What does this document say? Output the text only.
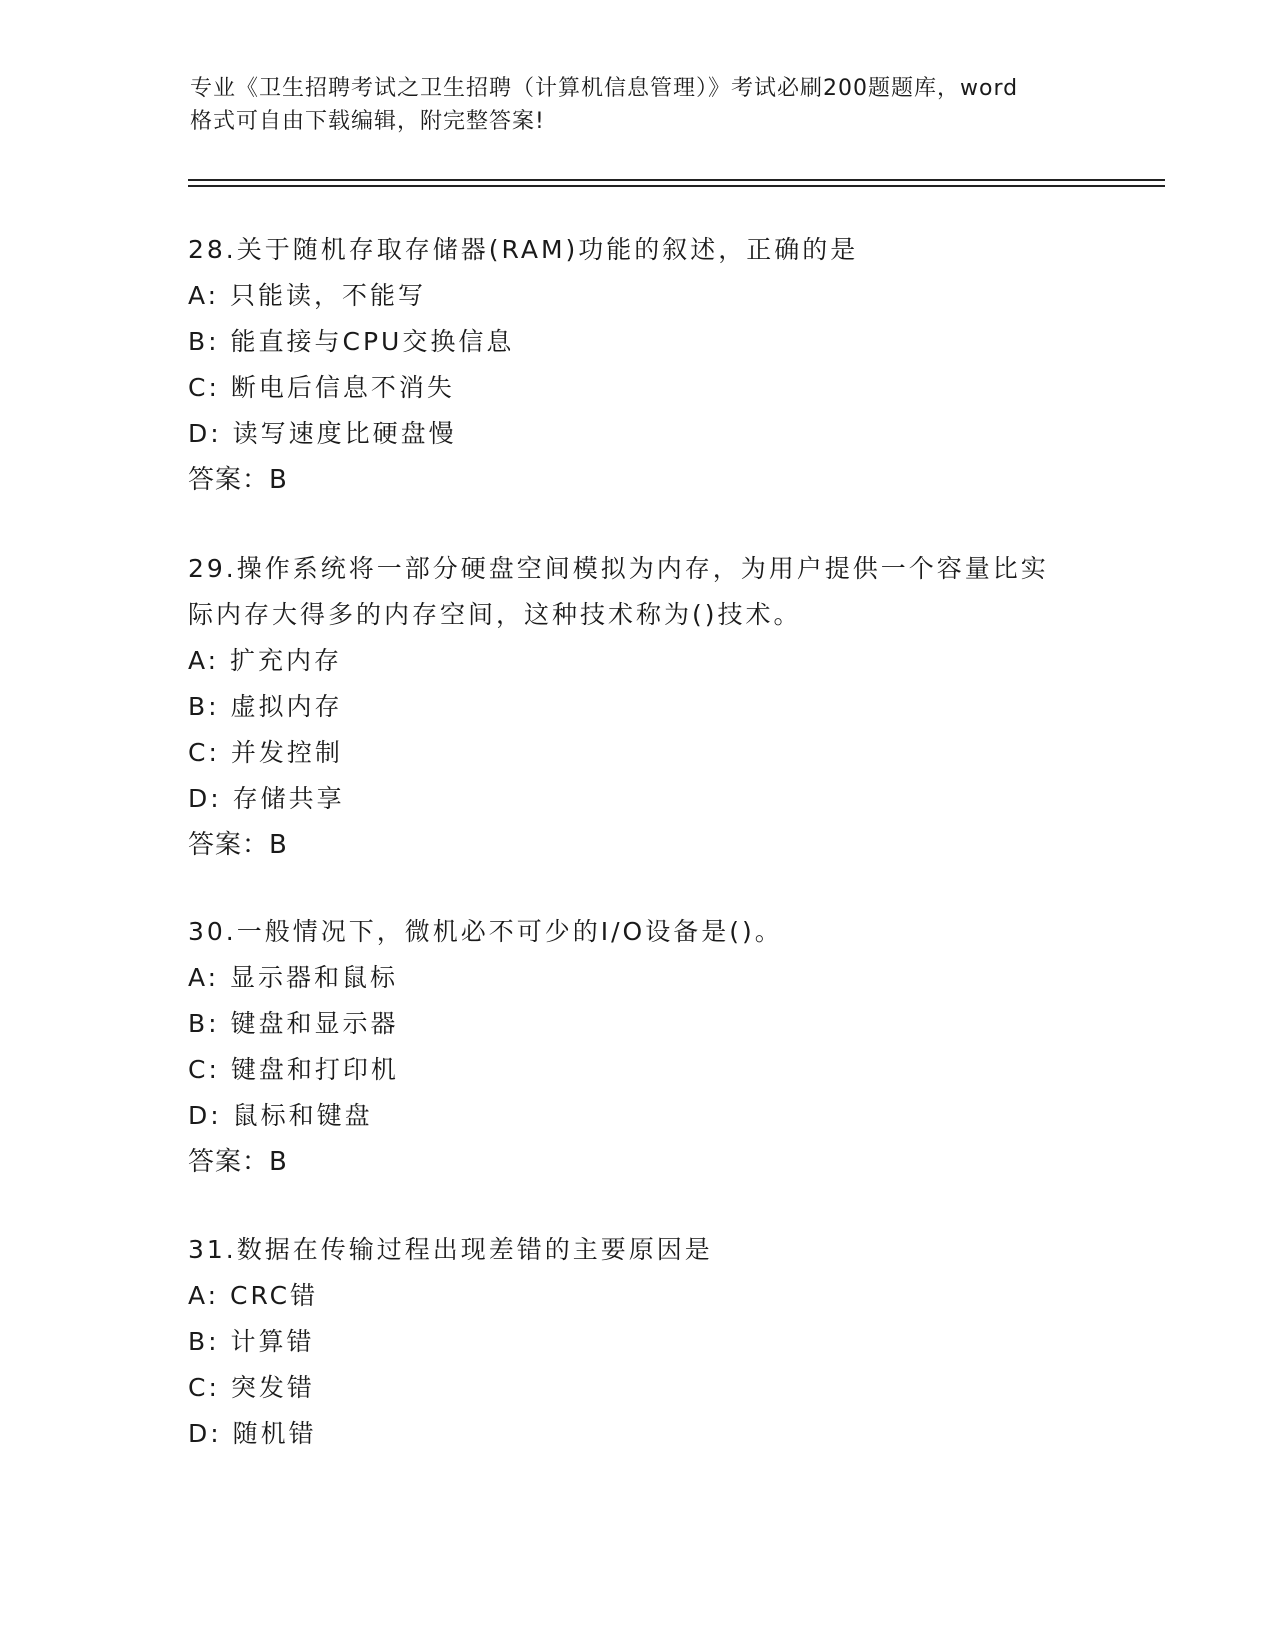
专业《卫生招聘考试之卫生招聘（计算机信息管理）》考试必刷200题题库，word
格式可自由下载编辑，附完整答案!
28.关于随机存取存储器(RAM)功能的叙述，正确的是
A: 只能读，不能写
B: 能直接与CPU交换信息
C: 断电后信息不消失
D: 读写速度比硬盘慢
答案：B
29.操作系统将一部分硬盘空间模拟为内存，为用户提供一个容量比实
际内存大得多的内存空间，这种技术称为()技术。
A: 扩充内存
B: 虚拟内存
C: 并发控制
D: 存储共享
答案：B
30.一般情况下，微机必不可少的I/O设备是()。
A: 显示器和鼠标
B: 键盘和显示器
C: 键盘和打印机
D: 鼠标和键盘
答案：B
31.数据在传输过程出现差错的主要原因是
A: CRC错
B: 计算错
C: 突发错
D: 随机错
